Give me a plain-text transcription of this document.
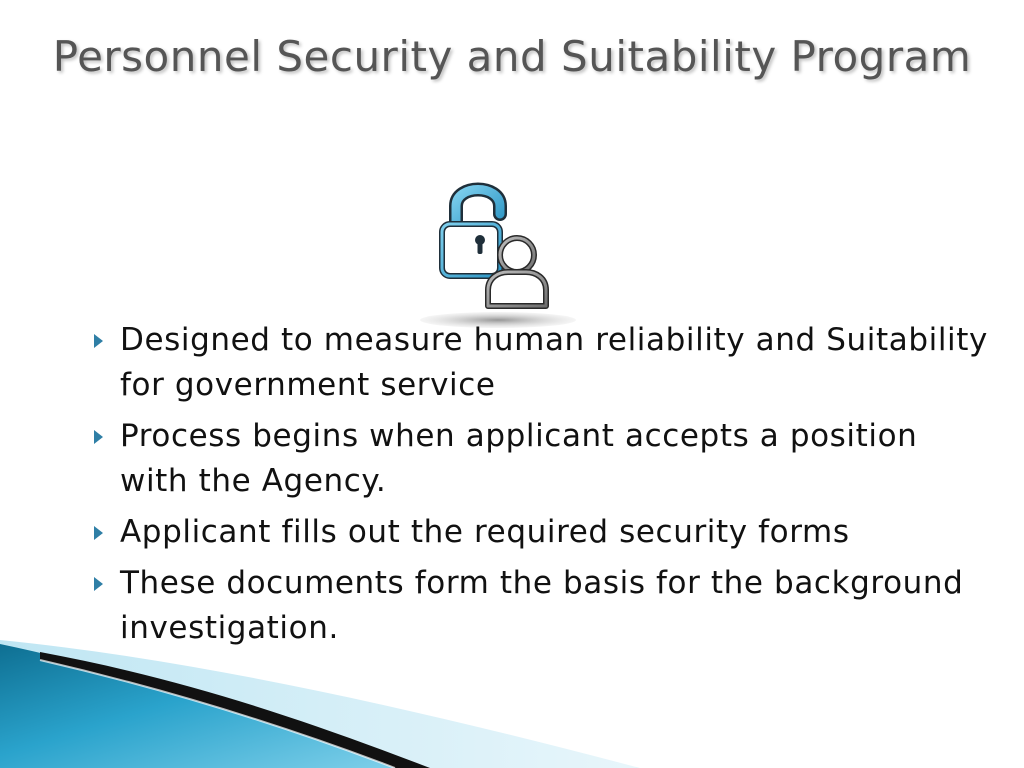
Personnel Security and Suitability Program
Designed to measure human reliability and Suitability for government service
Process begins when applicant accepts a position with the Agency.
Applicant fills out the required security forms
These documents form the basis for the background investigation.
